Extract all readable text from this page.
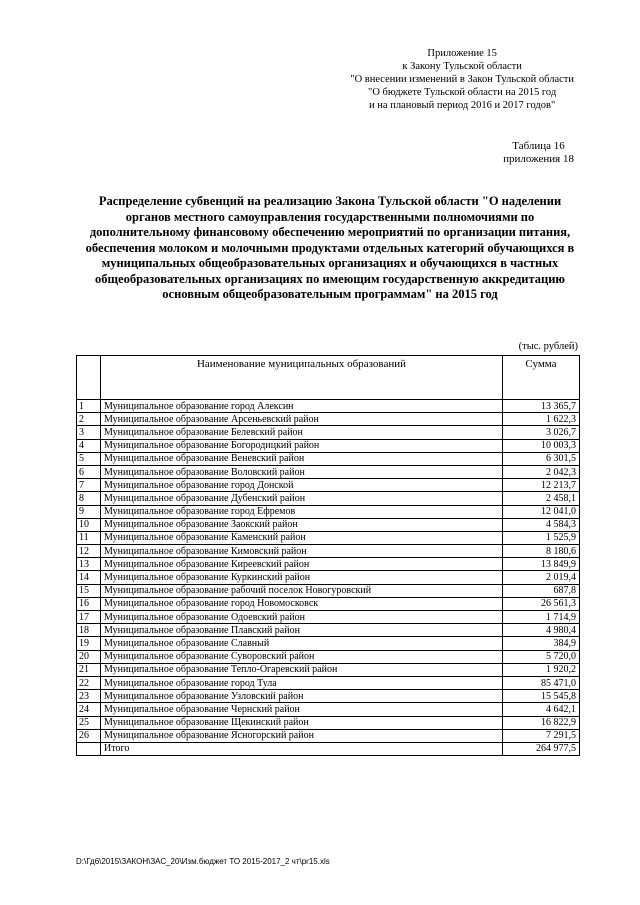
Приложение 15
к Закону Тульской области
"О внесении изменений в Закон Тульской области
"О бюджете Тульской области на 2015 год
и на плановый период 2016 и 2017 годов"
Таблица 16
приложения 18
Распределение субвенций на реализацию Закона Тульской области "О наделении органов местного самоуправления государственными полномочиями по дополнительному финансовому обеспечению мероприятий по организации питания, обеспечения молоком и молочными продуктами отдельных категорий обучающихся в муниципальных общеобразовательных организациях и обучающихся в частных общеобразовательных организациях по имеющим государственную аккредитацию основным общеобразовательным программам" на 2015 год
(тыс. рублей)
	Наименование муниципальных образований	Сумма
1	Муниципальное образование город Алексин	13 365,7
2	Муниципальное образование Арсеньевский район	1 622,3
3	Муниципальное образование Белевский район	3 026,7
4	Муниципальное образование Богородицкий район	10 003,3
5	Муниципальное образование Веневский район	6 301,5
6	Муниципальное образование Воловский район	2 042,3
7	Муниципальное образование город Донской	12 213,7
8	Муниципальное образование Дубенский район	2 458,1
9	Муниципальное образование город Ефремов	12 041,0
10	Муниципальное образование Заокский район	4 584,3
11	Муниципальное образование Каменский район	1 525,9
12	Муниципальное образование Кимовский район	8 180,6
13	Муниципальное образование Киреевский район	13 849,9
14	Муниципальное образование Куркинский район	2 019,4
15	Муниципальное образование рабочий поселок Новогуровский	687,8
16	Муниципальное образование город Новомосковск	26 561,3
17	Муниципальное образование Одоевский район	1 714,9
18	Муниципальное образование Плавский район	4 980,4
19	Муниципальное образование Славный	384,9
20	Муниципальное образование Суворовский район	5 720,0
21	Муниципальное образование Тепло-Огаревский район	1 920,2
22	Муниципальное образование город Тула	85 471,0
23	Муниципальное образование Узловский район	15 545,8
24	Муниципальное образование Чернский район	4 642,1
25	Муниципальное образование Щекинский район	16 822,9
26	Муниципальное образование Ясногорский район	7 291,5
	Итого	264 977,5
D:\Гд6\2015\ЗАКОН\ЗАС_20\Изм.бюджет ТО 2015-2017_2 чт\pr15.xls
